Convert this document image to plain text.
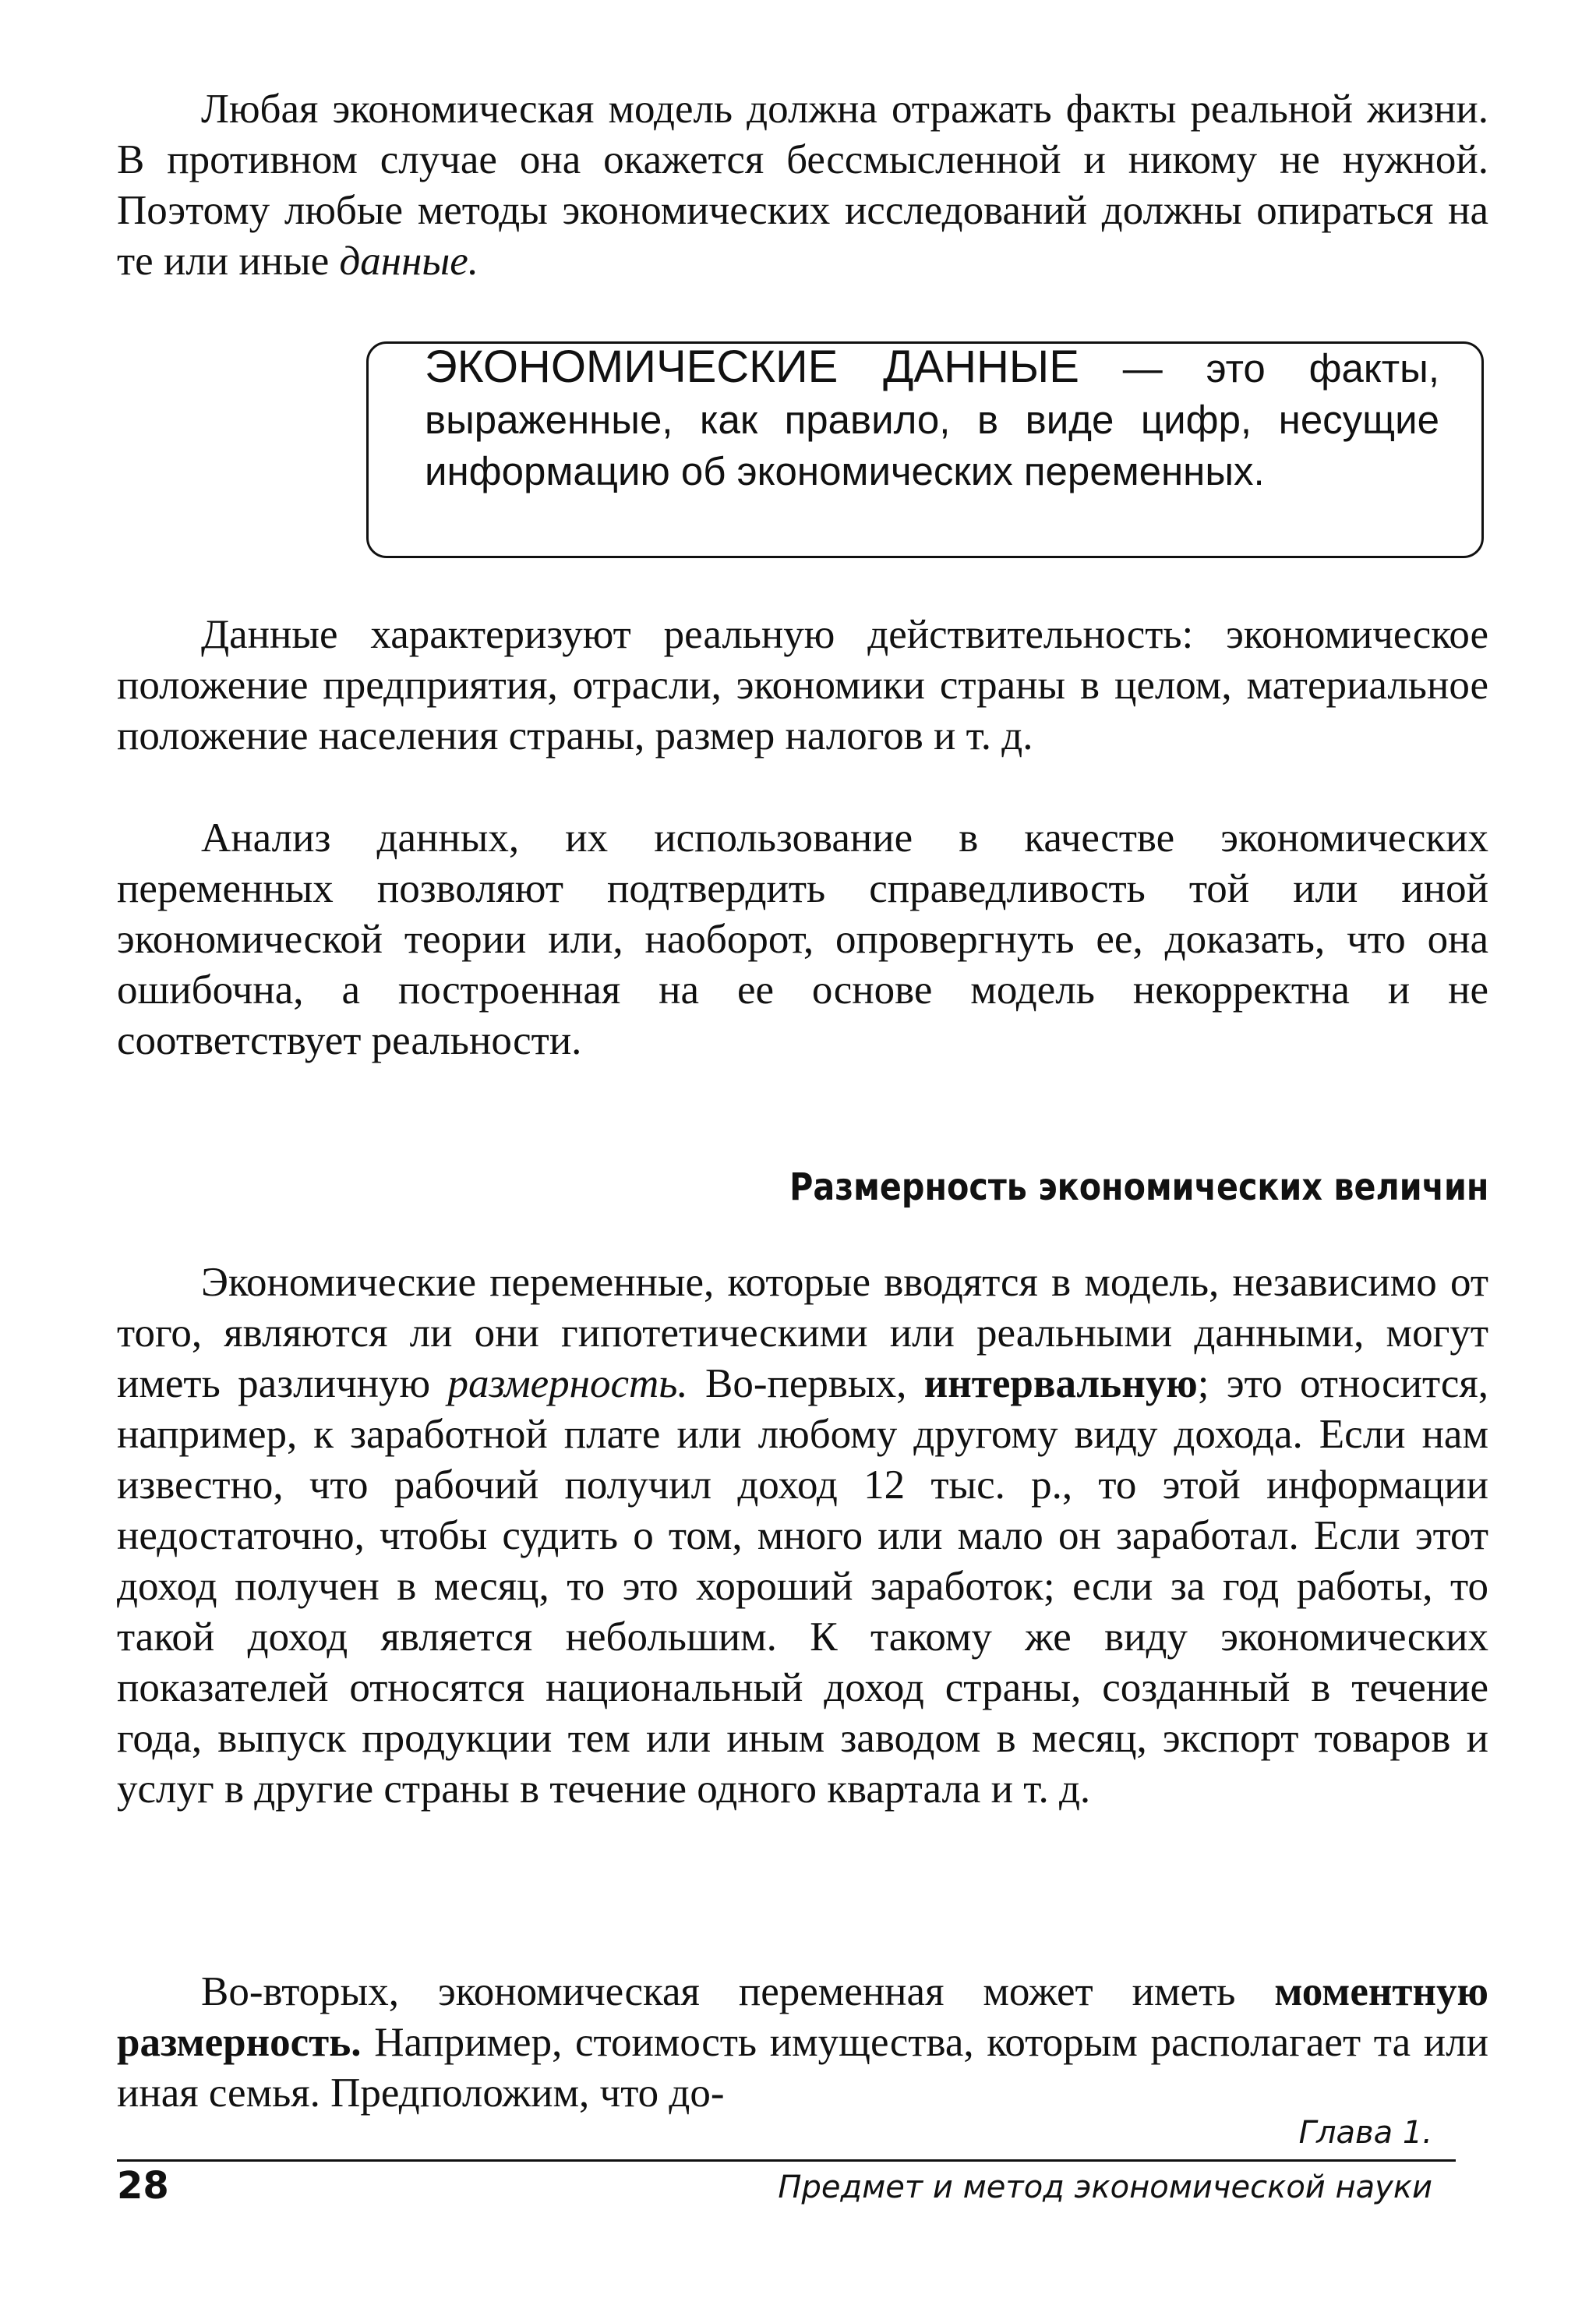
Любая экономическая модель должна отражать факты реальной жизни. В противном случае она окажется бессмысленной и никому не нужной. Поэтому любые методы экономических исследований должны опираться на те или иные данные.

ЭКОНОМИЧЕСКИЕ ДАННЫЕ — это факты, выраженные, как правило, в виде цифр, несущие информацию об экономических переменных.

Данные характеризуют реальную действительность: экономическое положение предприятия, отрасли, экономики страны в целом, материальное положение населения страны, размер налогов и т. д.

Анализ данных, их использование в качестве экономических переменных позволяют подтвердить справедливость той или иной экономической теории или, наоборот, опровергнуть ее, доказать, что она ошибочна, а построенная на ее основе модель некорректна и не соответствует реальности.

Размерность экономических величин

Экономические переменные, которые вводятся в модель, независимо от того, являются ли они гипотетическими или реальными данными, могут иметь различную размерность. Во-первых, интервальную; это относится, например, к заработной плате или любому другому виду дохода. Если нам известно, что рабочий получил доход 12 тыс. р., то этой информации недостаточно, чтобы судить о том, много или мало он заработал. Если этот доход получен в месяц, то это хороший заработок; если за год работы, то такой доход является небольшим. К такому же виду экономических показателей относятся национальный доход страны, созданный в течение года, выпуск продукции тем или иным заводом в месяц, экспорт товаров и услуг в другие страны в течение одного квартала и т. д.

Во-вторых, экономическая переменная может иметь моментную размерность. Например, стоимость имущества, которым располагает та или иная семья. Предположим, что до-

Глава 1.
28	Предмет и метод экономической науки
